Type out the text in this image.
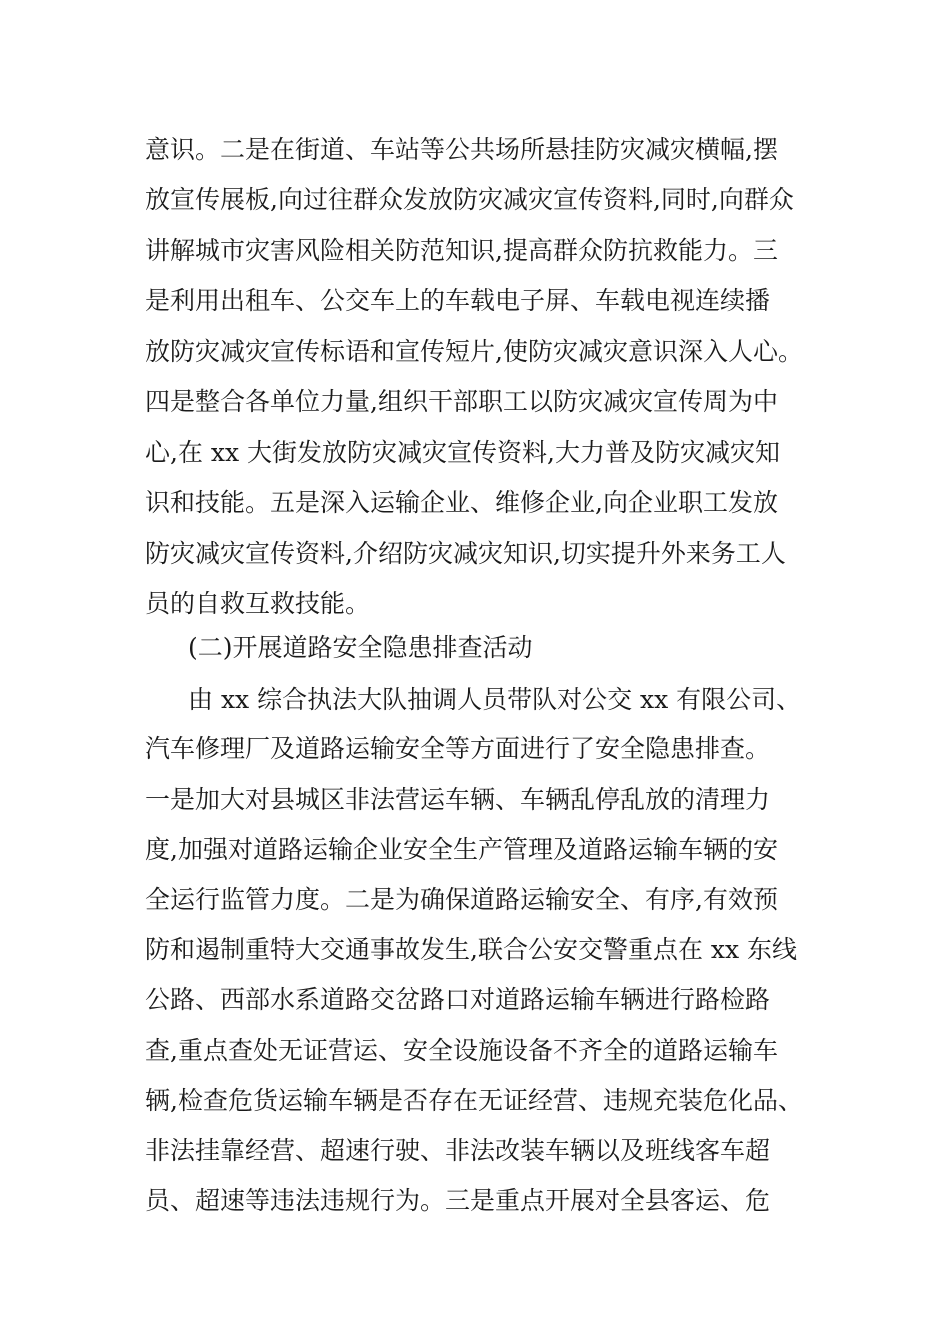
意识。二是在街道、车站等公共场所悬挂防灾减灾横幅,摆
放宣传展板,向过往群众发放防灾减灾宣传资料,同时,向群众
讲解城市灾害风险相关防范知识,提高群众防抗救能力。三
是利用出租车、公交车上的车载电子屏、车载电视连续播
放防灾减灾宣传标语和宣传短片,使防灾减灾意识深入人心。
四是整合各单位力量,组织干部职工以防灾减灾宣传周为中
心,在 xx 大街发放防灾减灾宣传资料,大力普及防灾减灾知
识和技能。五是深入运输企业、维修企业,向企业职工发放
防灾减灾宣传资料,介绍防灾减灾知识,切实提升外来务工人
员的自救互救技能。
(二)开展道路安全隐患排查活动
由 xx 综合执法大队抽调人员带队对公交 xx 有限公司、
汽车修理厂及道路运输安全等方面进行了安全隐患排查。
一是加大对县城区非法营运车辆、车辆乱停乱放的清理力
度,加强对道路运输企业安全生产管理及道路运输车辆的安
全运行监管力度。二是为确保道路运输安全、有序,有效预
防和遏制重特大交通事故发生,联合公安交警重点在 xx 东线
公路、西部水系道路交岔路口对道路运输车辆进行路检路
查,重点查处无证营运、安全设施设备不齐全的道路运输车
辆,检查危货运输车辆是否存在无证经营、违规充装危化品、
非法挂靠经营、超速行驶、非法改装车辆以及班线客车超
员、超速等违法违规行为。三是重点开展对全县客运、危
